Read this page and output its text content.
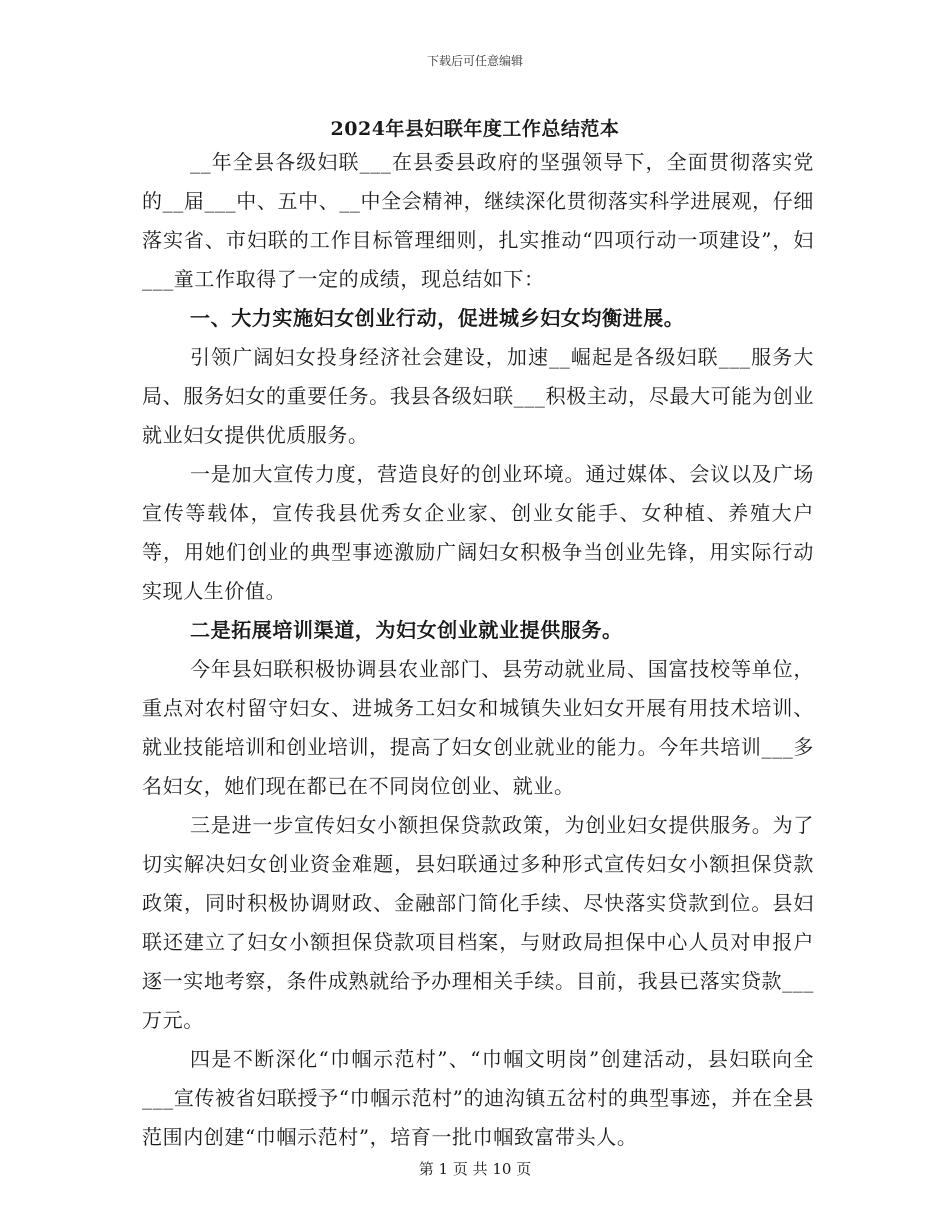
下载后可任意编辑
2024年县妇联年度工作总结范本

__年全县各级妇联___在县委县政府的坚强领导下，全面贯彻落实党的__届___中、五中、__中全会精神，继续深化贯彻落实科学进展观，仔细落实省、市妇联的工作目标管理细则，扎实推动“四项行动一项建设”，妇___童工作取得了一定的成绩，现总结如下：

一、大力实施妇女创业行动，促进城乡妇女均衡进展。

引领广阔妇女投身经济社会建设，加速__崛起是各级妇联___服务大局、服务妇女的重要任务。我县各级妇联___积极主动，尽最大可能为创业就业妇女提供优质服务。

一是加大宣传力度，营造良好的创业环境。通过媒体、会议以及广场宣传等载体，宣传我县优秀女企业家、创业女能手、女种植、养殖大户等，用她们创业的典型事迹激励广阔妇女积极争当创业先锋，用实际行动实现人生价值。

二是拓展培训渠道，为妇女创业就业提供服务。

今年县妇联积极协调县农业部门、县劳动就业局、国富技校等单位，重点对农村留守妇女、进城务工妇女和城镇失业妇女开展有用技术培训、就业技能培训和创业培训，提高了妇女创业就业的能力。今年共培训___多名妇女，她们现在都已在不同岗位创业、就业。

三是进一步宣传妇女小额担保贷款政策，为创业妇女提供服务。为了切实解决妇女创业资金难题，县妇联通过多种形式宣传妇女小额担保贷款政策，同时积极协调财政、金融部门简化手续、尽快落实贷款到位。县妇联还建立了妇女小额担保贷款项目档案，与财政局担保中心人员对申报户逐一实地考察，条件成熟就给予办理相关手续。目前，我县已落实贷款___万元。

四是不断深化“巾帼示范村”、“巾帼文明岗”创建活动，县妇联向全___宣传被省妇联授予“巾帼示范村”的迪沟镇五岔村的典型事迹，并在全县范围内创建“巾帼示范村”，培育一批巾帼致富带头人。

第 1 页 共 10 页
